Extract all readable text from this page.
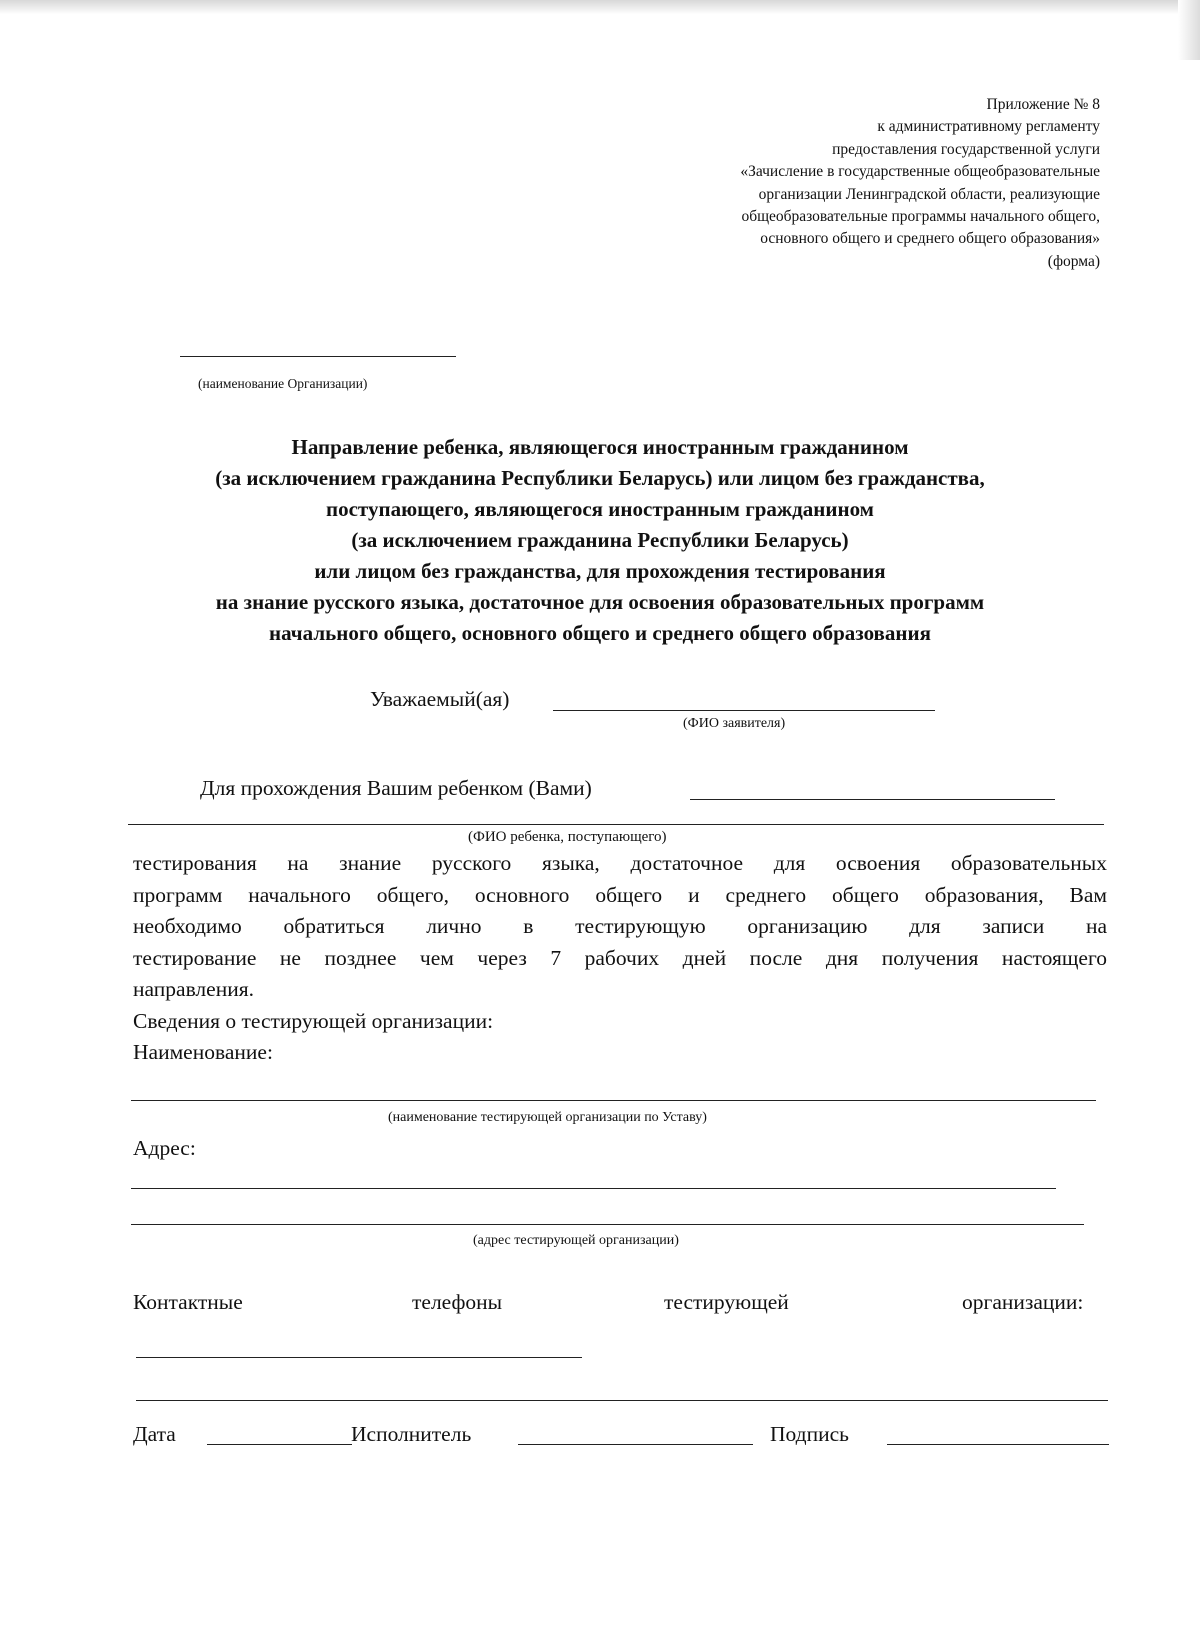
Приложение № 8
к административному регламенту
предоставления государственной услуги
«Зачисление в государственные общеобразовательные
организации Ленинградской области, реализующие
общеобразовательные программы начального общего,
основного общего и среднего общего образования»
(форма)
(наименование Организации)
Направление ребенка, являющегося иностранным гражданином
(за исключением гражданина Республики Беларусь) или лицом без гражданства,
поступающего, являющегося иностранным гражданином
(за исключением гражданина Республики Беларусь)
или лицом без гражданства, для прохождения тестирования
на знание русского языка, достаточное для освоения образовательных программ
начального общего, основного общего и среднего общего образования
Уважаемый(ая)
(ФИО заявителя)
Для прохождения Вашим ребенком (Вами)
(ФИО ребенка, поступающего)
тестирования на знание русского языка, достаточное для освоения образовательных
программ начального общего, основного общего и среднего общего образования, Вам
необходимо обратиться лично в тестирующую организацию для записи на
тестирование не позднее чем через 7 рабочих дней после дня получения настоящего
направления.
Сведения о тестирующей организации:
Наименование:
(наименование тестирующей организации по Уставу)
Адрес:
(адрес тестирующей организации)
Контактные	телефоны	тестирующей	организации:
Дата	Исполнитель	Подпись
